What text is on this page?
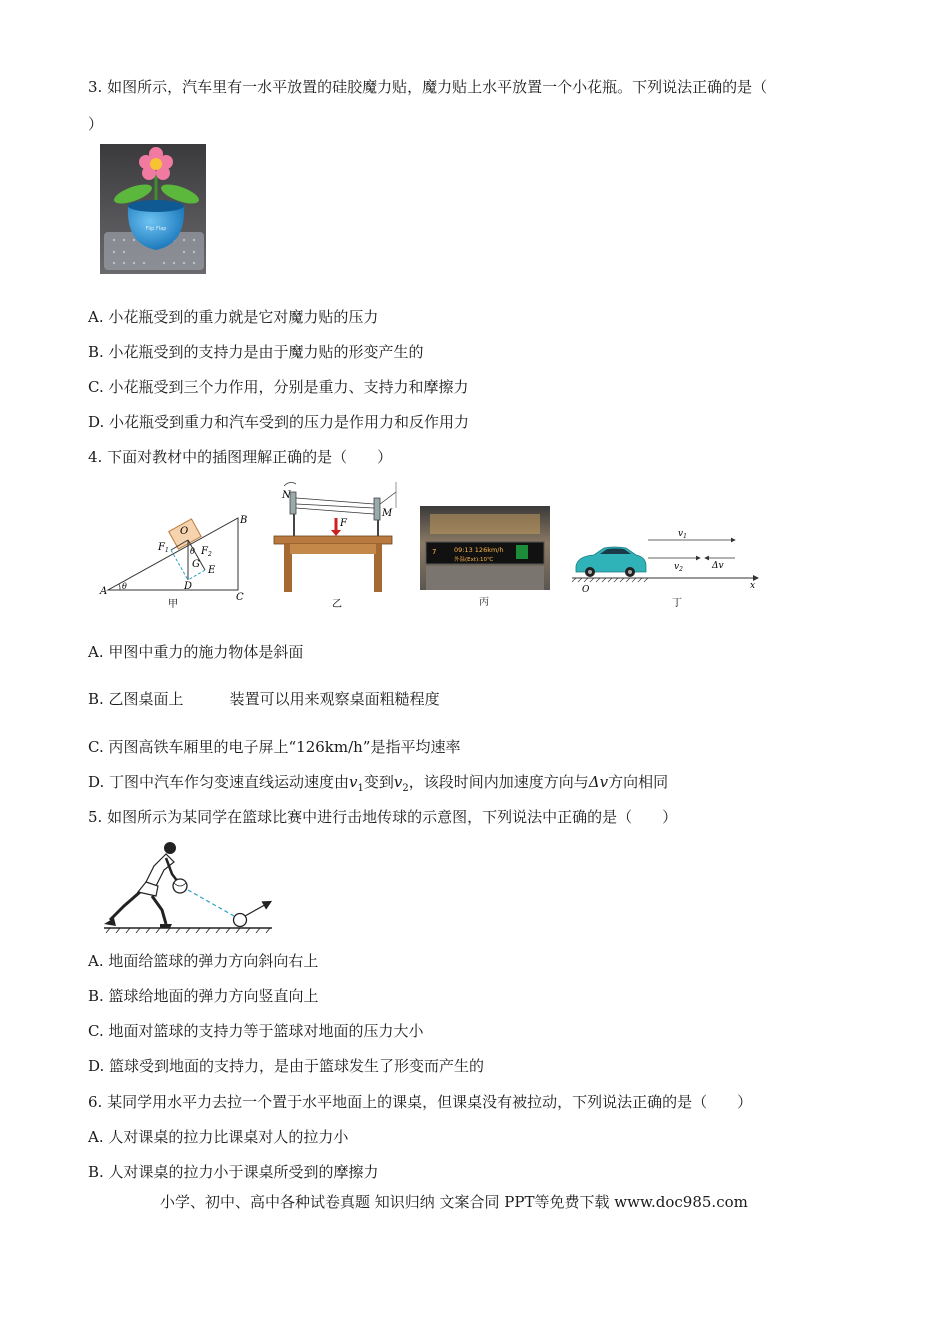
3. 如图所示，汽车里有一水平放置的硅胶魔力贴，魔力贴上水平放置一个小花瓶。下列说法正确的是（
）
Flip Flap
A. 小花瓶受到的重力就是它对魔力贴的压力
B. 小花瓶受到的支持力是由于魔力贴的形变产生的
C. 小花瓶受到三个力作用，分别是重力、支持力和摩擦力
D. 小花瓶受到重力和汽车受到的压力是作用力和反作用力
4. 下面对教材中的插图理解正确的是（　　）
B
O
$F_1$	$F_2$
θ
G
D
E
A θ
C
甲
N
M
F
乙
7	09:13 126km/h
外温(Ext):10℃
丙
$v_1$
$v_2$	Δv
O	x
丁
A. 甲图中重力的施力物体是斜面
B. 乙图桌面上	装置可以用来观察桌面粗糙程度
C. 丙图高铁车厢里的电子屏上“126km/h”是指平均速率
D. 丁图中汽车作匀变速直线运动速度由$v_1$变到$v_2$，该段时间内加速度方向与Δv方向相同
5. 如图所示为某同学在篮球比赛中进行击地传球的示意图，下列说法中正确的是（　　）
A. 地面给篮球的弹力方向斜向右上
B. 篮球给地面的弹力方向竖直向上
C. 地面对篮球的支持力等于篮球对地面的压力大小
D. 篮球受到地面的支持力，是由于篮球发生了形变而产生的
6. 某同学用水平力去拉一个置于水平地面上的课桌，但课桌没有被拉动，下列说法正确的是（　　）
A. 人对课桌的拉力比课桌对人的拉力小
B. 人对课桌的拉力小于课桌所受到的摩擦力
小学、初中、高中各种试卷真题 知识归纳 文案合同 PPT等免费下载 www.doc985.com
